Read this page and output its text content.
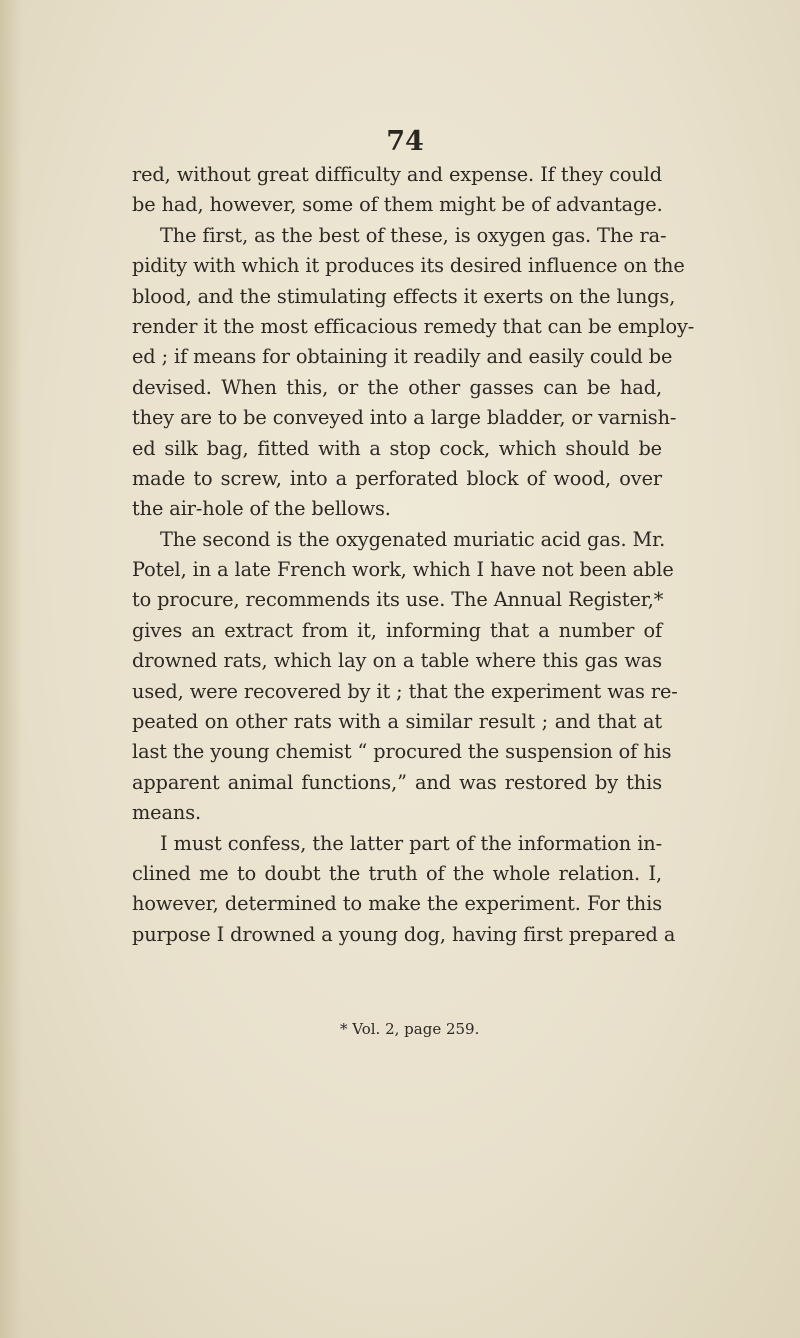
74
red, without great difficulty and expense. If they could
be had, however, some of them might be of advantage.
The first, as the best of these, is oxygen gas. The ra-
pidity with which it produces its desired influence on the
blood, and the stimulating effects it exerts on the lungs,
render it the most efficacious remedy that can be employ-
ed ; if means for obtaining it readily and easily could be
devised. When this, or the other gasses can be had,
they are to be conveyed into a large bladder, or varnish-
ed silk bag, fitted with a stop cock, which should be
made to screw, into a perforated block of wood, over
the air-hole of the bellows.
The second is the oxygenated muriatic acid gas. Mr.
Potel, in a late French work, which I have not been able
to procure, recommends its use. The Annual Register,*
gives an extract from it, informing that a number of
drowned rats, which lay on a table where this gas was
used, were recovered by it ; that the experiment was re-
peated on other rats with a similar result ; and that at
last the young chemist “ procured the suspension of his
apparent animal functions,” and was restored by this
means.
I must confess, the latter part of the information in-
clined me to doubt the truth of the whole relation. I,
however, determined to make the experiment. For this
purpose I drowned a young dog, having first prepared a
* Vol. 2, page 259.
